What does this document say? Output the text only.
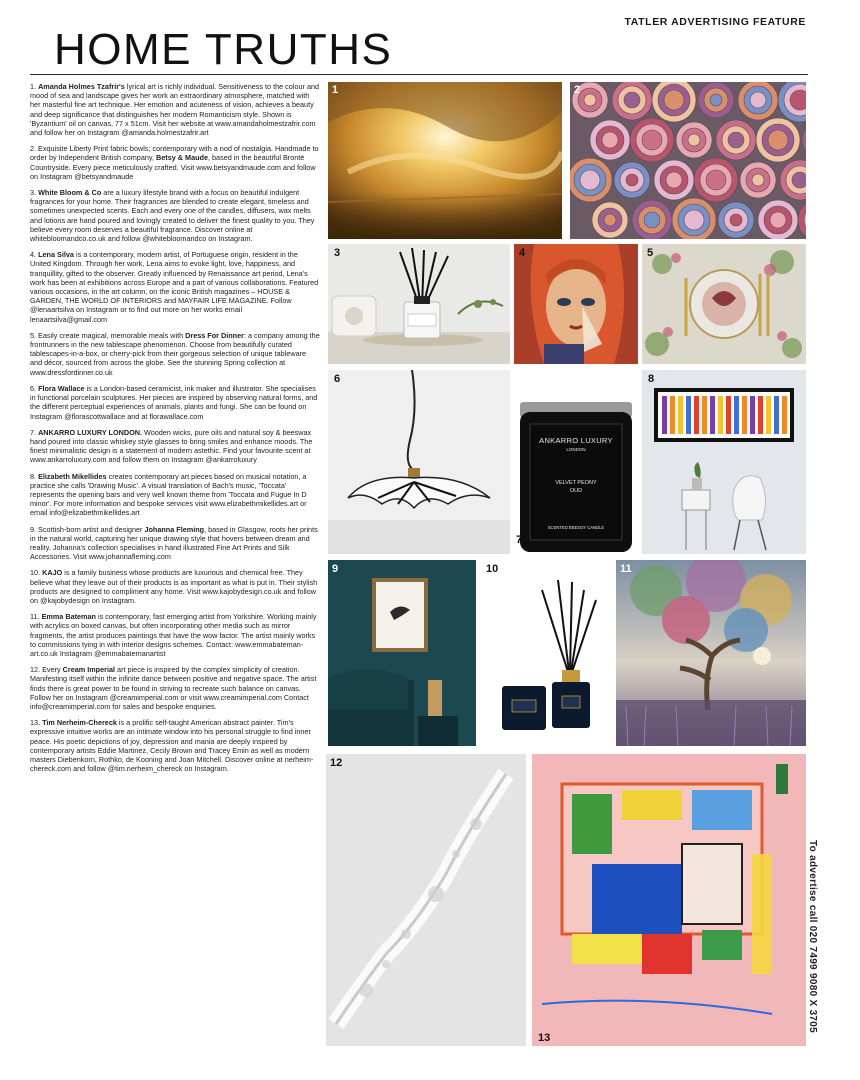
TATLER ADVERTISING FEATURE
HOME TRUTHS

1. Amanda Holmes Tzafrir's lyrical art is richly individual. Sensitiveness to the colour and mood of sea and landscape gives her work an extraordinary atmosphere, matched with her masterful fine art technique. Her emotion and acuteness of vision, achieves a beauty and deep significance that distinguishes her modern Romanticism style. Shown is 'Byzantium' oil on canvas, 77 x 51cm. Visit her website at www.amandaholmestzafrir.com and follow her on Instagram @amanda.holmestzafrir.art

2. Exquisite Liberty Print fabric bowls; contemporary with a nod of nostalgia. Handmade to order by Independent British company, Betsy & Maude, based in the beautiful Brontë Countryside. Every piece meticulously crafted. Visit www.betsyandmaude.com and follow on Instagram @betsyandmaude

3. White Bloom & Co are a luxury lifestyle brand with a focus on beautiful indulgent fragrances for your home. Their fragrances are blended to create elegant, timeless and sometimes unexpected scents. Each and every one of the candles, diffusers, wax melts and lotions are hand poured and lovingly created to deliver the finest quality to you. They believe every room deserves a beautiful fragrance. Discover online at whitebloomandco.co.uk and follow @whitebloomandco on Instagram.

4. Lena Silva is a contemporary, modern artist, of Portuguese origin, resident in the United Kingdom. Through her work, Lena aims to evoke light, love, happiness, and tranquillity, gifted to the observer. Greatly influenced by Renaissance art period, Lena's work has been at exhibitions across Europe and a part of various collaborations. Featured various occasions, in the art column, on the iconic British magazines – HOUSE & GARDEN, THE WORLD OF INTERIORS and MAYFAIR LIFE MAGAZINE. Follow @lenaartsilva on Instagram or to find out more on her works email lenaartsilva@gmail.com

5. Easily create magical, memorable meals with Dress For Dinner: a company among the frontrunners in the new tablescape phenomenon. Choose from beautifully curated tablescapes-in-a-box, or cherry-pick from their gorgeous selection of unique tableware and décor, sourced from across the globe. See the stunning Spring collection at www.dressfordinner.co.uk

6. Flora Wallace is a London-based ceramicist, ink maker and illustrator. She specialises in functional porcelain sculptures. Her pieces are inspired by observing natural forms, and the different perceptual experiences of animals, plants and fungi. She can be found on Instagram @florascottwallace and at florawallace.com

7. ANKARRO LUXURY LONDON. Wooden wicks, pure oils and natural soy & beeswax hand poured into classic whiskey style glasses to bring smiles and enhance moods. The finest minimalistic design is a statement of modern astethic. Find your favourite scent at www.ankarroluxury.com and follow them on Instagram @ankarroluxury

8. Elizabeth Mikellides creates contemporary art pieces based on musical notation, a practice she calls 'Drawing Music'. A visual translation of Bach's music, 'Toccata' represents the opening bars and very well known theme from 'Toccata and Fugue In D minor'. For more information and bespoke services visit www.elizabethmikellides.art or email info@elizabethmikellides.art

9. Scottish-born artist and designer Johanna Fleming, based in Glasgow, roots her prints in the natural world, capturing her unique drawing style that hovers between dream and reality. Johanna's collection specialises in hand illustrated Fine Art Prints and Silk Accessories. Visit www.johannafleming.com

10. KAJO is a family business whose products are luxurious and chemical free. They believe what they leave out of their products is as important as what is put in. Their stylish products are designed to compliment any home. Visit www.kajobydesign.co.uk and follow on @kajobydesign on Instagram.

11. Emma Bateman is contemporary, fast emerging artist from Yorkshire. Working mainly with acrylics on boxed canvas, but often incorporating other media such as mirror fragments, the artist produces paintings that have the wow factor. The artist mainly works to commissions tying in with interior designs schemes. Contact: www.emmabateman-art.co.uk Instagram @emmabatemanartist

12. Every Cream Imperial art piece is inspired by the complex simplicity of creation. Manifesting itself within the infinite dance between positive and negative space. The artist finds there is great power to be found in striving to recreate such balance on canvas. Follow her on Instagram @creamimperial.com or visit www.creamimperial.com Contact info@creamimperial.com for sales and bespoke enquiries.

13. Tim Nerheim-Chereck is a prolific self-taught American abstract painter. Tim's expressive intuitive works are an intimate window into his personal struggle to find inner peace. His poetic depictions of joy, depression and mania are deeply inspired by contemporary artists Eddie Martinez, Cecily Brown and Tracey Emin as well as modern masters Diebenkorn, Rothko, de Kooning and Joan Mitchell. Discover online at nerheim-chereck.com and follow @tim.nerheim_chereck on Instagram.

1	2
3	4	5
6
ANKARRO LUXURY
LONDON
VELVET PEONY
OUD
SCENTED BEESOY CANDLE
7
8
9	10	11
12
13
To advertise call 020 7499 9080 X 3705
